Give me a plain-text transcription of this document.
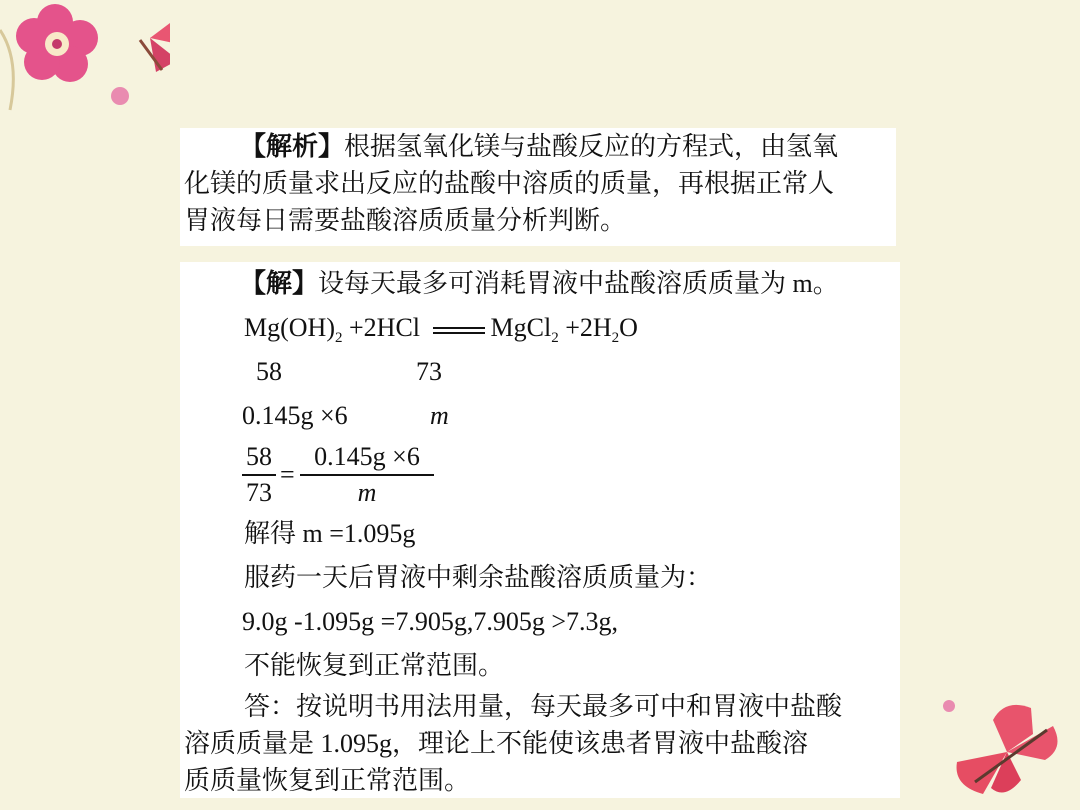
【解析】根据氢氧化镁与盐酸反应的方程式，由氢氧
化镁的质量求出反应的盐酸中溶质的质量，再根据正常人
胃液每日需要盐酸溶质质量分析判断。
【解】设每天最多可消耗胃液中盐酸溶质质量为 m。
$Mg(OH)_2 +2HCl$ MgCl$_2$ $+2H_2O$
58	73
0.145g ×6	m
$\frac{58}{73} = \frac{0.145g \times 6}{m}$
解得 m =1.095g
服药一天后胃液中剩余盐酸溶质质量为：
9.0g -1.095g =7.905g,7.905g >7.3g,
不能恢复到正常范围。
答：按说明书用法用量，每天最多可中和胃液中盐酸
溶质质量是 1.095g，理论上不能使该患者胃液中盐酸溶
质质量恢复到正常范围。
